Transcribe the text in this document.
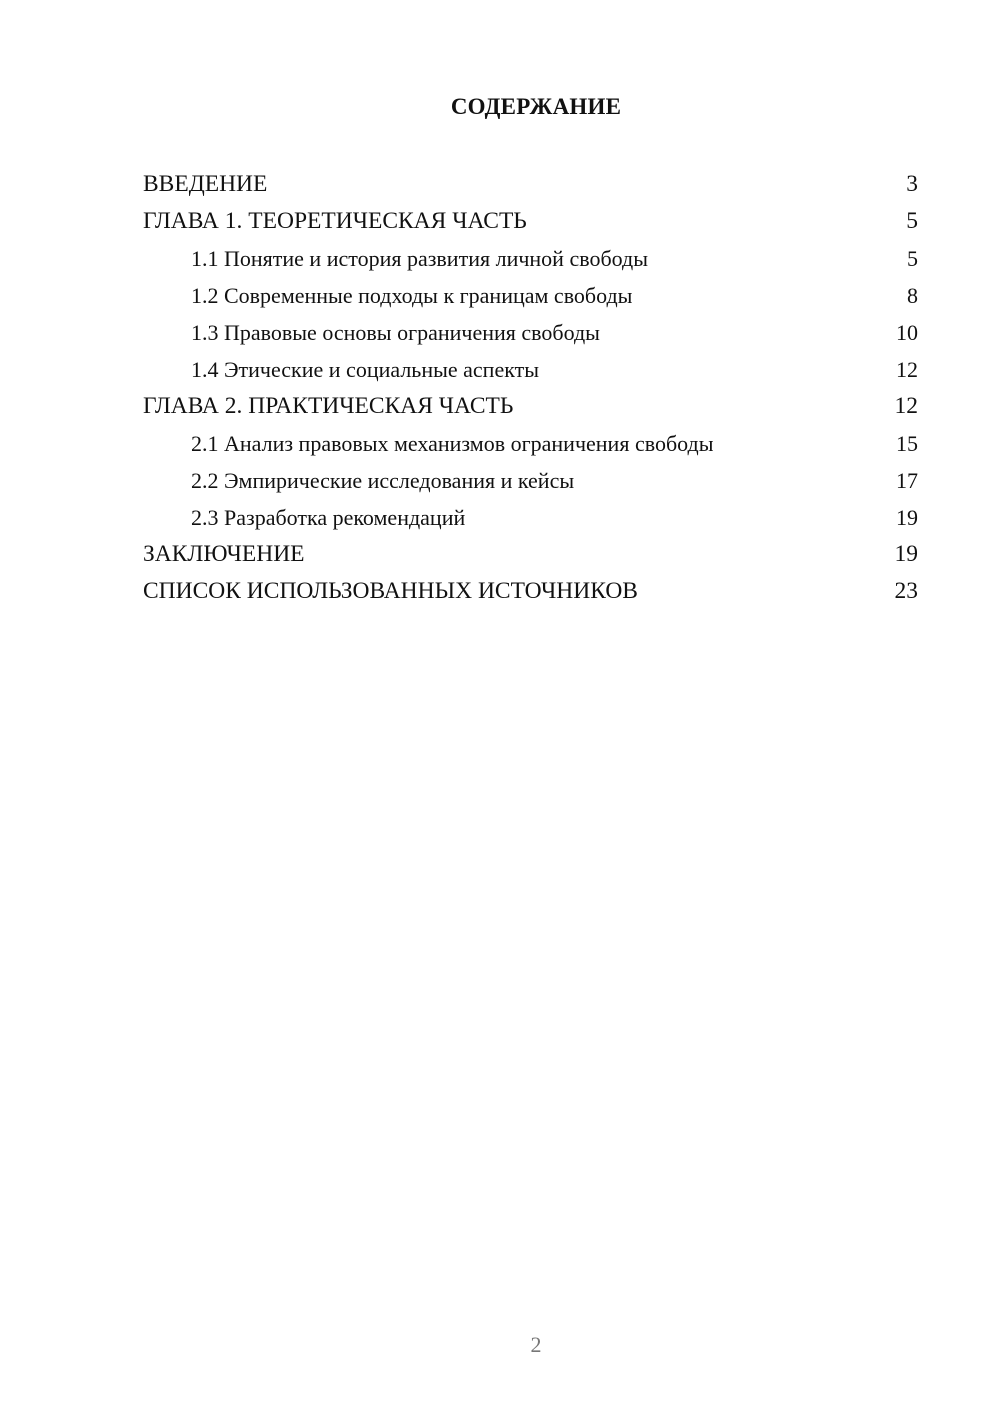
СОДЕРЖАНИЕ
ВВЕДЕНИЕ	3
ГЛАВА 1. ТЕОРЕТИЧЕСКАЯ ЧАСТЬ	5
1.1 Понятие и история развития личной свободы	5
1.2 Современные подходы к границам свободы	8
1.3 Правовые основы ограничения свободы	10
1.4 Этические и социальные аспекты	12
ГЛАВА 2. ПРАКТИЧЕСКАЯ ЧАСТЬ	12
2.1 Анализ правовых механизмов ограничения свободы	15
2.2 Эмпирические исследования и кейсы	17
2.3 Разработка рекомендаций	19
ЗАКЛЮЧЕНИЕ	19
СПИСОК ИСПОЛЬЗОВАННЫХ ИСТОЧНИКОВ	23
2
